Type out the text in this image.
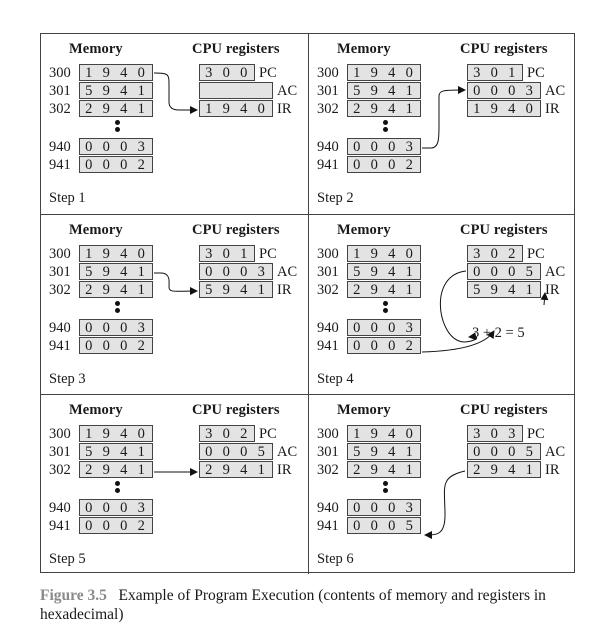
Memory	CPU registers
300 1 9 4 0
301 5 9 4 1
302 2 9 4 1
940 0 0 0 3
941 0 0 0 2
3 0 0 PC
AC
1 9 4 0 IR
Step 1
Memory	CPU registers
300 1 9 4 0
301 5 9 4 1
302 2 9 4 1
940 0 0 0 3
941 0 0 0 2
3 0 1 PC
0 0 0 3 AC
1 9 4 0 IR
Step 2
Memory	CPU registers
300 1 9 4 0
301 5 9 4 1
302 2 9 4 1
940 0 0 0 3
941 0 0 0 2
3 0 1 PC
0 0 0 3 AC
5 9 4 1 IR
Step 3
Memory	CPU registers
300 1 9 4 0
301 5 9 4 1
302 2 9 4 1
940 0 0 0 3
941 0 0 0 2
3 0 2 PC
0 0 0 5 AC
5 9 4 1 IR
Step 4
3 + 2 = 5
Memory	CPU registers
300 1 9 4 0
301 5 9 4 1
302 2 9 4 1
940 0 0 0 3
941 0 0 0 2
3 0 2 PC
0 0 0 5 AC
2 9 4 1 IR
Step 5
Memory	CPU registers
300 1 9 4 0
301 5 9 4 1
302 2 9 4 1
940 0 0 0 3
941 0 0 0 5
3 0 3 PC
0 0 0 5 AC
2 9 4 1 IR
Step 6
Figure 3.5 Example of Program Execution (contents of memory and registers in hexadecimal)
